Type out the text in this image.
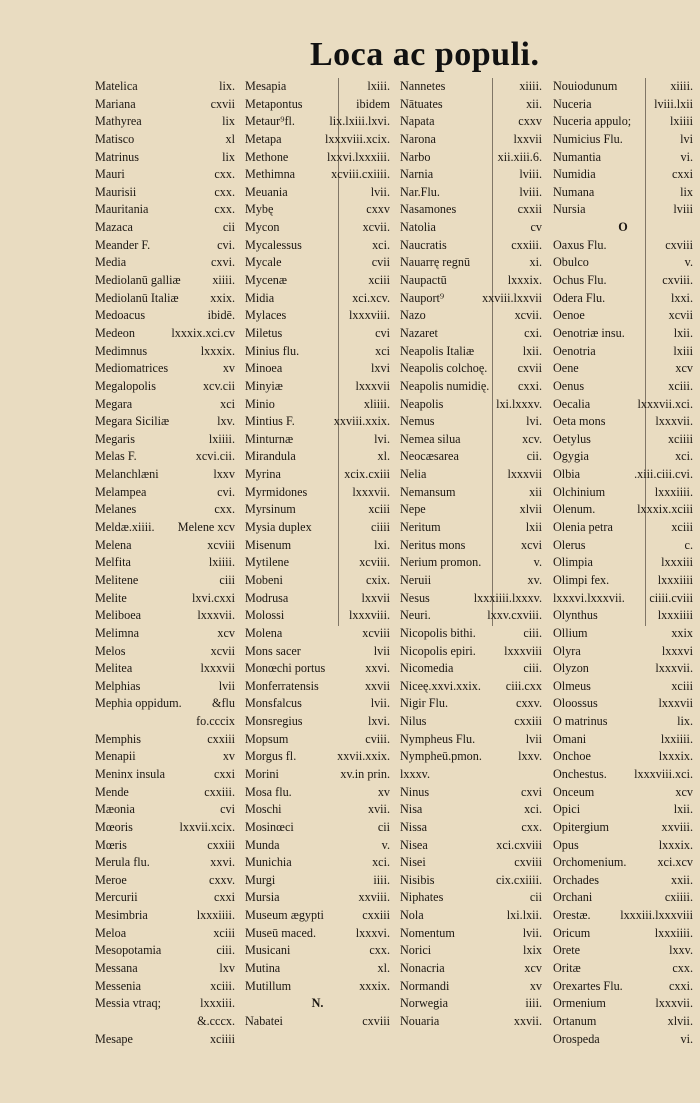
Loca ac populi.
Matelica	lix.
Mariana	cxvii
Mathyrea	lix
Matisco	xl
Matrinus	lix
Mauri	cxx.
Maurisii	cxx.
Mauritania	cxx.
Mazaca	cii
Meander F.	cvi.
Media	cxvi.
Mediolanū galliæ	xiiii.
Mediolanū Italiæ	xxix.
Medoacus	ibidē.
Medeon	lxxxix.xci.cv
Medimnus	lxxxix.
Mediomatrices	xv
Megalopolis	xcv.cii
Megara	xci
Megara Siciliæ	lxv.
Megaris	lxiiii.
Melas F.	xcvi.cii.
Melanchlæni	lxxv
Melampea	cvi.
Melanes	cxx.
Meldæ.xiiii.	Melene xcv
Melena	xcviii
Melfita	lxiiii.
Melitene	ciii
Melite	lxvi.cxxi
Meliboea	lxxxvii.
Melimna	xcv
Melos	xcvii
Melitea	lxxxvii
Melphias	lvii
Mephia oppidum.	&flu
fo.cccix
Memphis	cxxiii
Menapii	xv
Meninx insula	cxxi
Mende	cxxiii.
Mæonia	cvi
Mœoris	lxxvii.xcix.
Mœris	cxxiii
Merula flu.	xxvi.
Meroe	cxxv.
Mercurii	cxxi
Mesimbria	lxxxiiii.
Meloa	xciii
Mesopotamia	ciii.
Messana	lxv
Messenia	xciii.
Messia vtraq;	lxxxiii.
&.cccx.
Mesape	xciiii
Mesapia	lxiii.
Metapontus	ibidem
Metaur⁹fl.	lix.lxiii.lxvi.
Metapa	lxxxviii.xcix.
Methone	lxxvi.lxxxiii.
Methimna	xcviii.cxiiii.
Meuania	lvii.
Mybę	cxxv
Mycon	xcvii.
Mycalessus	xci.
Mycale	cvii
Mycenæ	xciii
Midia	xci.xcv.
Mylaces	lxxxviii.
Miletus	cvi
Minius flu.	xci
Minoea	lxvi
Minyiæ	lxxxvii
Minio	xliiii.
Mintius F.	xxviii.xxix.
Minturnæ	lvi.
Mirandula	xl.
Myrina	xcix.cxiii
Myrmidones	lxxxvii.
Myrsinum	xciii
Mysia duplex	ciiii
Misenum	lxi.
Mytilene	xcviii.
Mobeni	cxix.
Modrusa	lxxvii
Molossi	lxxxviii.
Molena	xcviii
Mons sacer	lvii
Monœchi portus	xxvi.
Monferratensis	xxvii
Monsfalcus	lvii.
Monsregius	lxvi.
Mopsum	cviii.
Morgus fl.	xxvii.xxix.
Morini	xv.in prin.
Mosa flu.	xv
Moschi	xvii.
Mosinœci	cii
Munda	v.
Munichia	xci.
Murgi	iiii.
Mursia	xxviii.
Museum ægypti	cxxiii
Museū maced.	lxxxvi.
Musicani	cxx.
Mutina	xl.
Mutillum	xxxix.
N.
Nabatei	cxviii
Nannetes	xiiii.
Nātuates	xii.
Napata	cxxv
Narona	lxxvii
Narbo	xii.xiii.6.
Narnia	lviii.
Nar.Flu.	lviii.
Nasamones	cxxii
Natolia	cv
Naucratis	cxxiii.
Nauarrę regnū	xi.
Naupactū	lxxxix.
Nauport⁹	xxviii.lxxvii
Nazo	xcvii.
Nazaret	cxi.
Neapolis Italiæ	lxii.
Neapolis colchoę.	cxvii
Neapolis numidię.	cxxi.
Neapolis	lxi.lxxxv.
Nemus	lvi.
Nemea silua	xcv.
Neocæsarea	cii.
Nelia	lxxxvii
Nemansum	xii
Nepe	xlvii
Neritum	lxii
Neritus mons	xcvi
Nerium promon.	v.
Neruii	xv.
Nesus	lxxxiiii.lxxxv.
Neuri.	lxxv.cxviii.
Nicopolis bithi.	ciii.
Nicopolis epiri.	lxxxviii
Nicomedia	ciii.
Niceę.xxvi.xxix.	ciii.cxx
Nigir Flu.	cxxv.
Nilus	cxxiii
Nympheus Flu.	lvii
Nympheū.pmon.	lxxv.
lxxxv.
Ninus	cxvi
Nisa	xci.
Nissa	cxx.
Nisea	xci.cxviii
Nisei	cxviii
Nisibis	cix.cxiiii.
Niphates	cii
Nola	lxi.lxii.
Nomentum	lvii.
Norici	lxix
Nonacria	xcv
Normandi	xv
Norwegia	iiii.
Nouaria	xxvii.
Nouiodunum	xiiii.
Nuceria	lviii.lxii
Nuceria appulo;	lxiiii
Numicius Flu.	lvi
Numantia	vi.
Numidia	cxxi
Numana	lix
Nursia	lviii
O
Oaxus Flu.	cxviii
Obulco	v.
Ochus Flu.	cxviii.
Odera Flu.	lxxi.
Oenoe	xcvii
Oenotriæ insu.	lxii.
Oenotria	lxiii
Oene	xcv
Oenus	xciii.
Oecalia	lxxxvii.xci.
Oeta mons	lxxxvii.
Oetylus	xciiii
Ogygia	xci.
Olbia	.xiii.ciii.cvi.
Olchinium	lxxxiiii.
Olenum.	lxxxix.xciii
Olenia petra	xciii
Olerus	c.
Olimpia	lxxxiii
Olimpi fex.	lxxxiiii
lxxxvi.lxxxvii.	ciiii.cviii
Olynthus	lxxxiiii
Ollium	xxix
Olyra	lxxxvi
Olyzon	lxxxvii.
Olmeus	xciii
Oloossus	lxxxvii
O matrinus	lix.
Omani	lxxiiii.
Onchoe	lxxxix.
Onchestus.	lxxxviii.xci.
Onceum	xcv
Opici	lxii.
Opitergium	xxviii.
Opus	lxxxix.
Orchomenium.	xci.xcv
Orchades	xxii.
Orchani	cxiiii.
Orestæ.	lxxxiii.lxxxviii
Oricum	lxxxiiii.
Orete	lxxv.
Oritæ	cxx.
Orexartes Flu.	cxxi.
Ormenium	lxxxvii.
Ortanum	xlvii.
Orospeda	vi.
